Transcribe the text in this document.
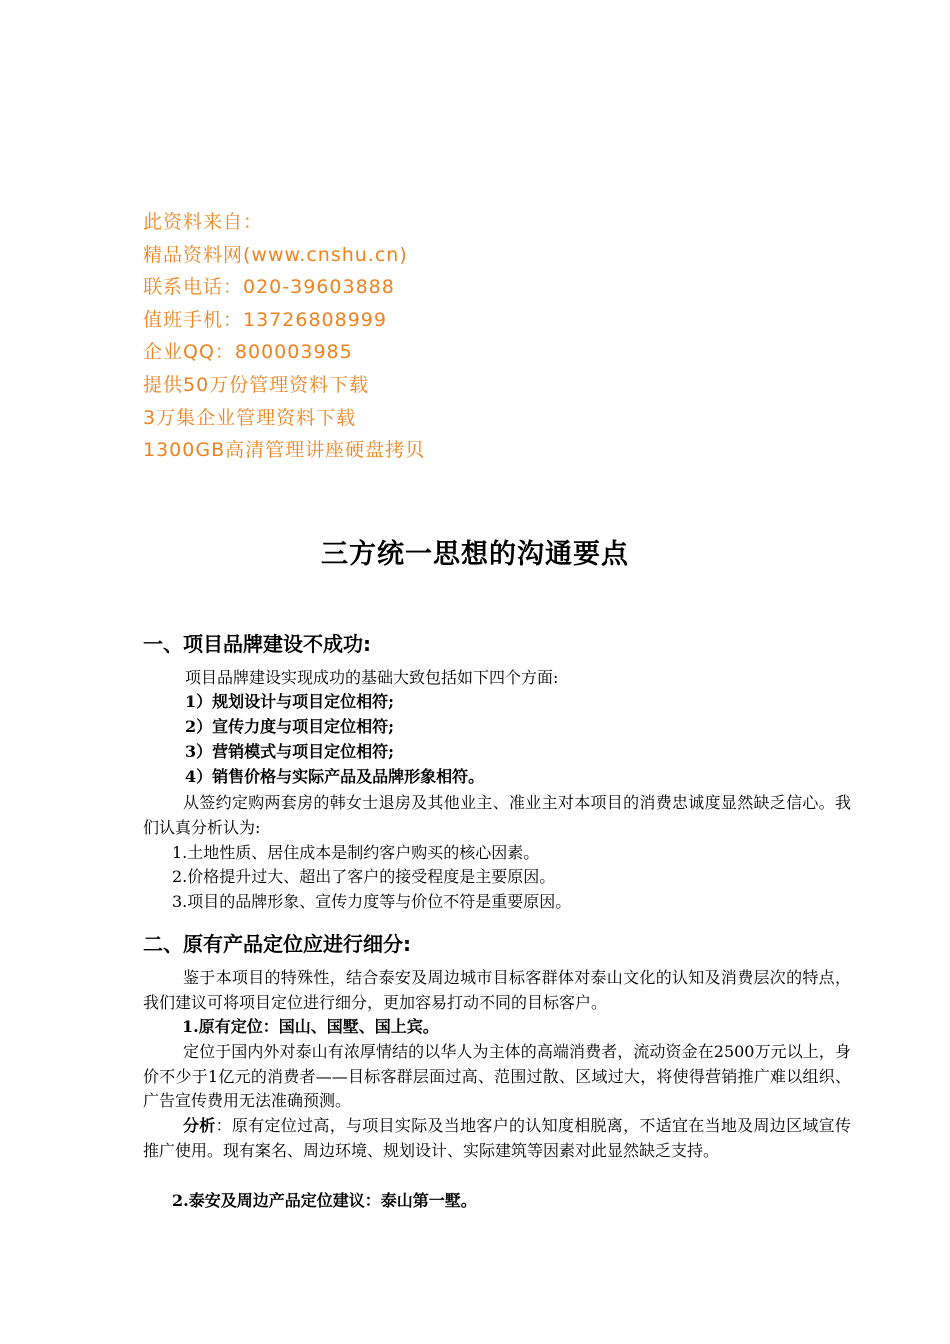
此资料来自：
精品资料网(www.cnshu.cn)
联系电话：020-39603888
值班手机：13726808999
企业QQ：800003985
提供50万份管理资料下载
3万集企业管理资料下载
1300GB高清管理讲座硬盘拷贝
三方统一思想的沟通要点
一、项目品牌建设不成功:
项目品牌建设实现成功的基础大致包括如下四个方面:
1）规划设计与项目定位相符;
2）宣传力度与项目定位相符;
3）营销模式与项目定位相符;
4）销售价格与实际产品及品牌形象相符。
从签约定购两套房的韩女士退房及其他业主、准业主对本项目的消费忠诚度显然缺乏信心。我们认真分析认为:
1.土地性质、居住成本是制约客户购买的核心因素。
2.价格提升过大、超出了客户的接受程度是主要原因。
3.项目的品牌形象、宣传力度等与价位不符是重要原因。
二、原有产品定位应进行细分:
鉴于本项目的特殊性，结合泰安及周边城市目标客群体对泰山文化的认知及消费层次的特点，我们建议可将项目定位进行细分，更加容易打动不同的目标客户。
1.原有定位：国山、国墅、国上宾。
定位于国内外对泰山有浓厚情结的以华人为主体的高端消费者，流动资金在2500万元以上，身价不少于1亿元的消费者——目标客群层面过高、范围过散、区域过大，将使得营销推广难以组织、广告宣传费用无法准确预测。
分析：原有定位过高，与项目实际及当地客户的认知度相脱离，不适宜在当地及周边区域宣传推广使用。现有案名、周边环境、规划设计、实际建筑等因素对此显然缺乏支持。
2.泰安及周边产品定位建议：泰山第一墅。
